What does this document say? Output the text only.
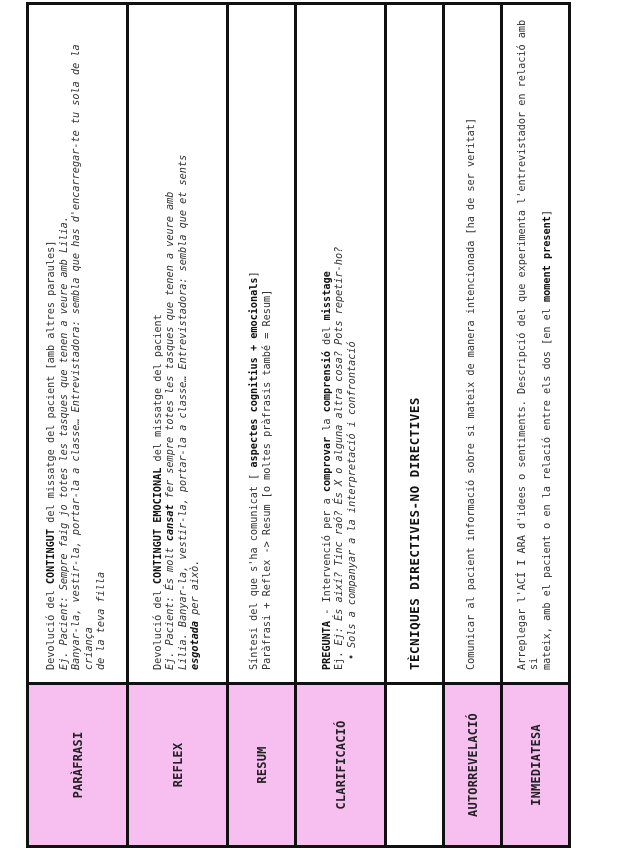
PARÀFRASI	Devolució del CONTINGUT del missatge del pacient [amb altres paraules] Ej. Pacient: Sempre faig jo totes les tasques que tenen a veure amb Lilia. Banyar-la, vestir-la, portar-la a classe… Entrevistadora: sembla que has d'encarregar-te tu sola de la criança de la teva filla

REFLEX	Devolució del CONTINGUT EMOCIONAL del missatge del pacient

Ej. Pacient: És molt cansat fer sempre totes les tasques que tenen a veure amb Lilia. Banyar-la, vestir-la, portar-la a classe… Entrevistadora: sembla que et sents esgotada per això.

RESUM	Síntesi del que s'ha comunicat [ aspectes cognitius + emocionals]

Paràfrasi + Reflex -> Resum [o moltes pràfrasis també = Resum]

CLARIFICACIÓ	PREGUNTA - Intervenció per a comprovar la comprensió del misstage

Ej. Ej: És així? Tinc raó? És X o alguna altra cosa? Pots repetir-ho?

•Sols a companyar a la interpretació i confrontació

	TÈCNIQUES DIRECTIVES-NO DIRECTIVES
AUTORREVELACIÓ	Comunicar al pacient informació sobre si mateix de manera intencionada [ha de ser veritat]

INMEDIATESA	Arreplegar l'ACÍ I ARA d'idees o sentiments. Descripció del que experimenta l'entrevistador en relació amb si mateix, amb el pacient o en la relació entre els dos [en el moment present]
